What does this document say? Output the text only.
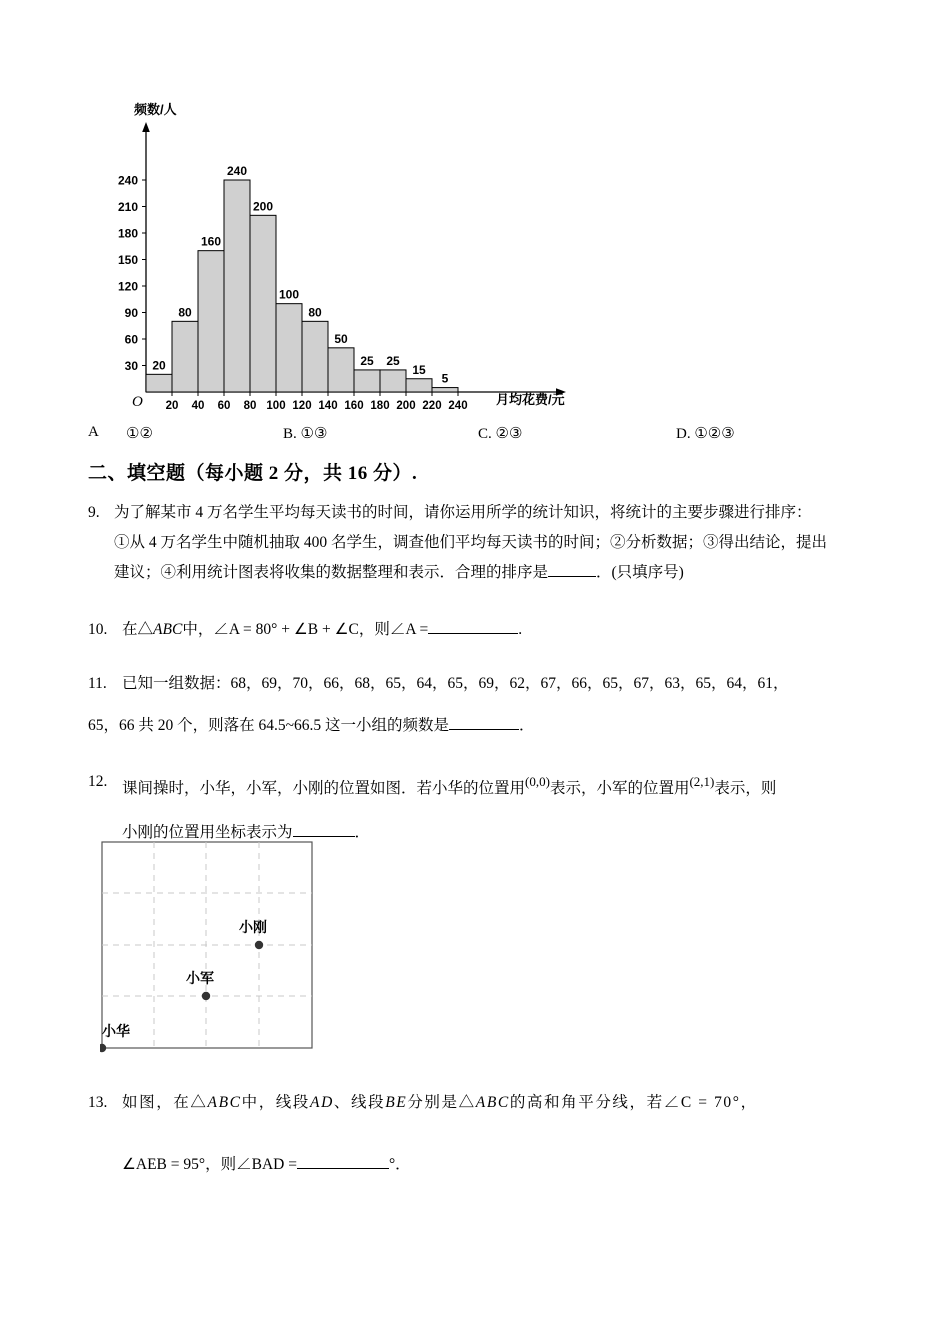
30
60
90
120
150
180
210
240
20 40 60 80 100 120 140 160 180 200 220 240
20
80
160
240
200
100
80
50
25 25
15
5
频数/人
月均花费/元
O
A ①②	B. ①③	C. ②③	D. ①②③
二、填空题（每小题 2 分，共 16 分）.
9. 为了解某市 4 万名学生平均每天读书的时间，请你运用所学的统计知识，将统计的主要步骤进行排序：
①从 4 万名学生中随机抽取 400 名学生，调查他们平均每天读书的时间；②分析数据；③得出结论，提出
建议；④利用统计图表将收集的数据整理和表示．合理的排序是	．(只填序号)
10. 在△ABC中，∠A = 80° + ∠B + ∠C，则∠A =	.
11. 已知一组数据：68，69，70，66，68，65，64，65，69，62，67，66，65，67，63，65，64，61，
65，66 共 20 个，则落在 64.5~66.5 这一小组的频数是	．
12. 课间操时，小华，小军，小刚的位置如图．若小华的位置用$^{(0,0)}$表示，小军的位置用$^{(2,1)}$表示，则
小刚的位置用坐标表示为	．
小刚
小军
小华
13. 如图，在△ABC中，线段AD、线段BE分别是△ABC的高和角平分线，若∠C = 70°，
∠AEB = 95°，则∠BAD =	°．
